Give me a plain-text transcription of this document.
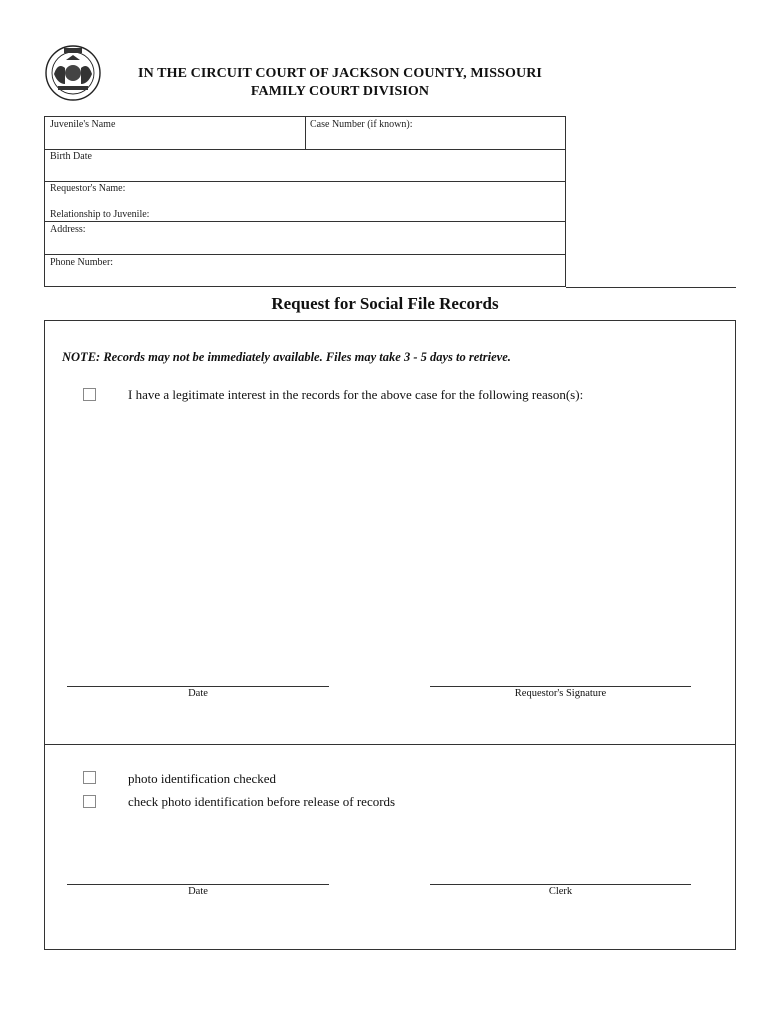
IN THE CIRCUIT COURT OF JACKSON COUNTY, MISSOURI
FAMILY COURT DIVISION
Juvenile's Name	Case Number (if known):
Birth Date
Requestor's Name:
Relationship to Juvenile:
Address:
Phone Number:
Request for Social File Records
NOTE: Records may not be immediately available. Files may take 3 - 5 days to retrieve.
I have a legitimate interest in the records for the above case for the following reason(s):
Date	Requestor's Signature
photo identification checked
check photo identification before release of records
Date	Clerk
